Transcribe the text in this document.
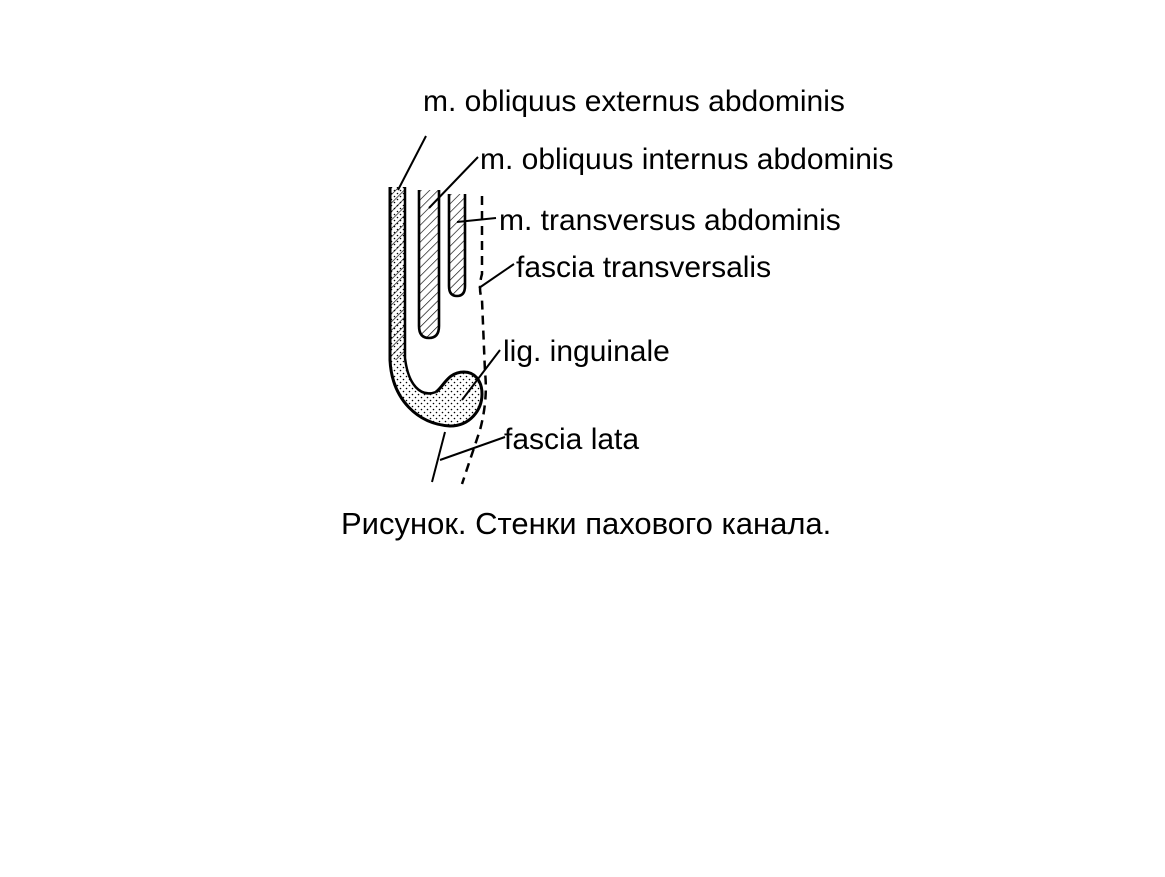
m. obliquus externus abdominis
m. obliquus internus abdominis
m. transversus abdominis
fascia transversalis
lig. inguinale
fascia lata
Рисунок. Стенки пахового канала.
